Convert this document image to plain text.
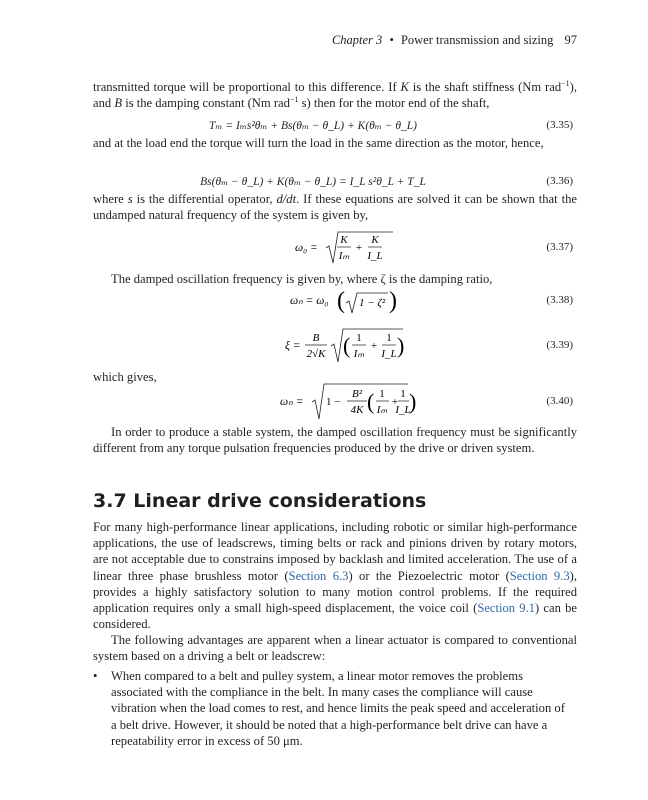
Chapter 3 • Power transmission and sizing 97

transmitted torque will be proportional to this difference. If K is the shaft stiffness (Nm rad$^{-1}$), and B is the damping constant (Nm rad$^{-1}$ s) then for the motor end of the shaft,

Tₘ = Iₘs²θₘ + Bs(θₘ − θ_L) + K(θₘ − θ_L)	(3.35)

and at the load end the torque will turn the load in the same direction as the motor, hence,

Bs(θₘ − θ_L) + K(θₘ − θ_L) = I_L s²θ_L + T_L	(3.36)

where s is the differential operator, d/dt. If these equations are solved it can be shown that the undamped natural frequency of the system is given by,

ω₀ =
K
Iₘ
+
K
I_L
(3.37)

The damped oscillation frequency is given by, where ζ is the damping ratio,

ωₙ = ω₀ ( 1 − ζ² )	(3.38)
ξ =
B
2√K ( 1
Iₘ
+
1
I_L )	(3.39)

which gives,

ωₙ = 1 −
B²
4K ( 1
Iₘ
+
1
I_L
)	(3.40)

In order to produce a stable system, the damped oscillation frequency must be significantly different from any torque pulsation frequencies produced by the drive or driven system.

3.7 Linear drive considerations

For many high-performance linear applications, including robotic or similar high-performance applications, the use of leadscrews, timing belts or rack and pinions driven by rotary motors, are not acceptable due to constrains imposed by backlash and limited acceleration. The use of a linear three phase brushless motor (Section 6.3) or the Piezoelectric motor (Section 9.3), provides a highly satisfactory solution to many motion control problems. If the required application requires only a small high-speed displacement, the voice coil (Section 9.1) can be considered.

The following advantages are apparent when a linear actuator is compared to conventional system based on a driving a belt or leadscrew:

• When compared to a belt and pulley system, a linear motor removes the problems associated with the compliance in the belt. In many cases the compliance will cause vibration when the load comes to rest, and hence limits the peak speed and acceleration of a belt drive. However, it should be noted that a high-performance belt drive can have a repeatability error in excess of 50 μm.
